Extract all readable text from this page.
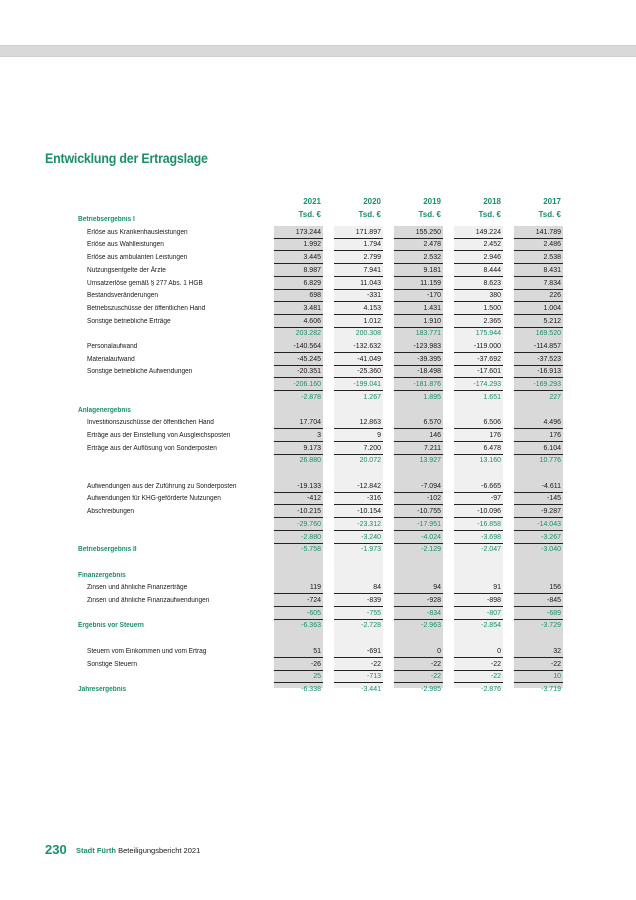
Entwicklung der Ertragslage
2021
Tsd. €
2020
Tsd. €
2019
Tsd. €
2018
Tsd. €
2017
Tsd. €
Betriebsergebnis I
Erlöse aus Krankenhausleistungen	173.244	171.897	155.250	149.224	141.789
Erlöse aus Wahlleistungen	1.992	1.794	2.478	2.452	2.486
Erlöse aus ambulanten Leistungen	3.445	2.799	2.532	2.946	2.538
Nutzungsentgelte der Ärzte	8.987	7.941	9.181	8.444	8.431
Umsatzerlöse gemäß § 277 Abs. 1 HGB	6.829	11.043	11.159	8.623	7.834
Bestandsveränderungen	698	-331	-170	380	226
Betriebszuschüsse der öffentlichen Hand	3.481	4.153	1.431	1.500	1.004
Sonstige betriebliche Erträge	4.606	1.012	1.910	2.365	5.212
203.282	200.308	183.771	175.944	169.520
Personalaufwand	-140.564	-132.632	-123.983	-119.000	-114.857
Materialaufwand	-45.245	-41.049	-39.395	-37.692	-37.523
Sonstige betriebliche Aufwendungen	-20.351	-25.360	-18.498	-17.601	-16.913
-206.160	-199.041	-181.876	-174.293	-169.293
-2.878	1.267	1.895	1.651	227
Anlagenergebnis
Investitionszuschüsse der öffentlichen Hand	17.704	12.863	6.570	6.506	4.496
Erträge aus der Einstellung von Ausgleichsposten	3	9	146	176	176
Erträge aus der Auflösung von Sonderposten	9.173	7.200	7.211	6.478	6.104
26.880	20.072	13.927	13.160	10.776
Aufwendungen aus der Zuführung zu Sonderposten	-19.133	-12.842	-7.094	-6.665	-4.611
Aufwendungen für KHG-geförderte Nutzungen	-412	-316	-102	-97	-145
Abschreibungen	-10.215	-10.154	-10.755	-10.096	-9.287
-29.760	-23.312	-17.951	-16.858	-14.043
-2.880	-3.240	-4.024	-3.698	-3.267
Betriebsergebnis II	-5.758	-1.973	-2.129	-2.047	-3.040
Finanzergebnis
Zinsen und ähnliche Finanzerträge	119	84	94	91	156
Zinsen und ähnliche Finanzaufwendungen	-724	-839	-928	-898	-845
-605	-755	-834	-807	-689
Ergebnis vor Steuern	-6.363	-2.728	-2.963	-2.854	-3.729
Steuern vom Einkommen und vom Ertrag	51	-691	0	0	32
Sonstige Steuern	-26	-22	-22	-22	-22
25	-713	-22	-22	10
Jahresergebnis	-6.338	-3.441	-2.985	-2.876	-3.719
230 Stadt Fürth Beteiligungsbericht 2021
